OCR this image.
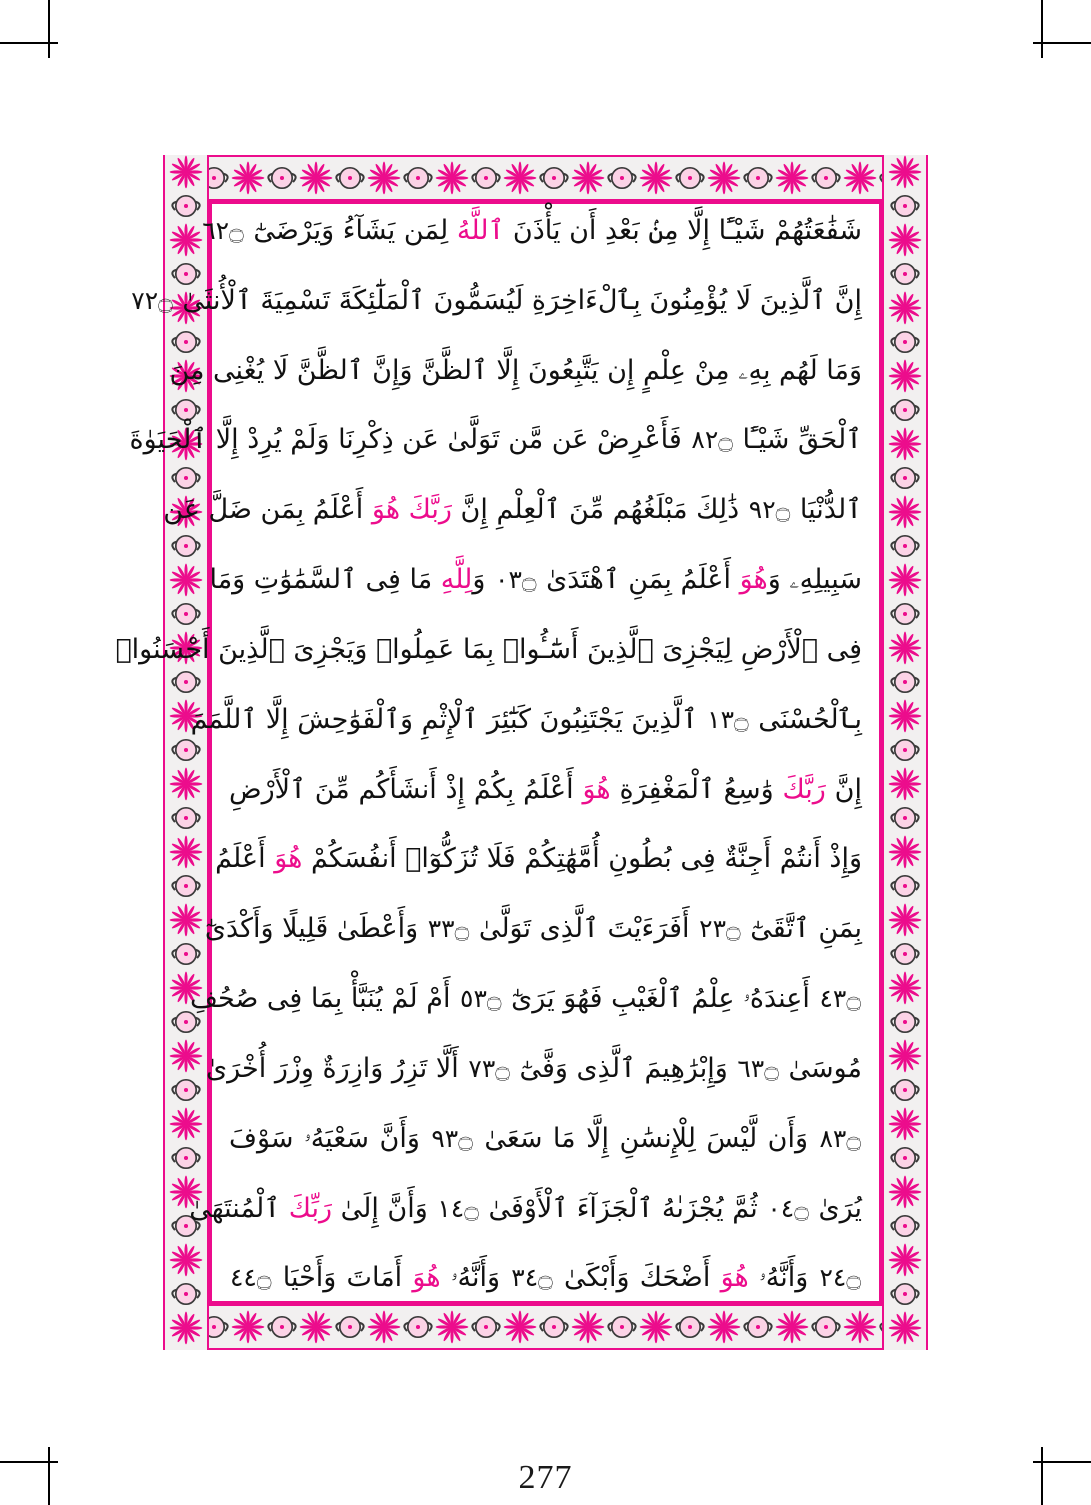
شَفَٰعَتُهُمْ شَيْـًٔا إِلَّا مِنۢ بَعْدِ أَن يَأْذَنَ ٱللَّهُ لِمَن يَشَآءُ وَيَرْضَىٰٓ ۝٢٦
إِنَّ ٱلَّذِينَ لَا يُؤْمِنُونَ بِٱلْءَاخِرَةِ لَيُسَمُّونَ ٱلْمَلَٰٓئِكَةَ تَسْمِيَةَ ٱلْأُنثَىٰ ۝٢٧
وَمَا لَهُم بِهِۦ مِنْ عِلْمٍ إِن يَتَّبِعُونَ إِلَّا ٱلظَّنَّ وَإِنَّ ٱلظَّنَّ لَا يُغْنِى مِنَ
ٱلْحَقِّ شَيْـًٔا ۝٢٨ فَأَعْرِضْ عَن مَّن تَوَلَّىٰ عَن ذِكْرِنَا وَلَمْ يُرِدْ إِلَّا ٱلْحَيَوٰةَ
ٱلدُّنْيَا ۝٢٩ ذَٰلِكَ مَبْلَغُهُم مِّنَ ٱلْعِلْمِ إِنَّ رَبَّكَ هُوَ أَعْلَمُ بِمَن ضَلَّ عَن
سَبِيلِهِۦ وَهُوَ أَعْلَمُ بِمَنِ ٱهْتَدَىٰ ۝٣٠ وَلِلَّهِ مَا فِى ٱلسَّمَٰوَٰتِ وَمَا
فِى ٱلْأَرْضِ لِيَجْزِىَ ٱلَّذِينَ أَسَٰٓـُٔوا۟ بِمَا عَمِلُوا۟ وَيَجْزِىَ ٱلَّذِينَ أَحْسَنُوا۟
بِٱلْحُسْنَى ۝٣١ ٱلَّذِينَ يَجْتَنِبُونَ كَبَٰٓئِرَ ٱلْإِثْمِ وَٱلْفَوَٰحِشَ إِلَّا ٱللَّمَمَ
إِنَّ رَبَّكَ وَٰسِعُ ٱلْمَغْفِرَةِ هُوَ أَعْلَمُ بِكُمْ إِذْ أَنشَأَكُم مِّنَ ٱلْأَرْضِ
وَإِذْ أَنتُمْ أَجِنَّةٌ فِى بُطُونِ أُمَّهَٰتِكُمْ فَلَا تُزَكُّوٓا۟ أَنفُسَكُمْ هُوَ أَعْلَمُ
بِمَنِ ٱتَّقَىٰٓ ۝٣٢ أَفَرَءَيْتَ ٱلَّذِى تَوَلَّىٰ ۝٣٣ وَأَعْطَىٰ قَلِيلًا وَأَكْدَىٰٓ
۝٣٤ أَعِندَهُۥ عِلْمُ ٱلْغَيْبِ فَهُوَ يَرَىٰٓ ۝٣٥ أَمْ لَمْ يُنَبَّأْ بِمَا فِى صُحُفِ
مُوسَىٰ ۝٣٦ وَإِبْرَٰهِيمَ ٱلَّذِى وَفَّىٰٓ ۝٣٧ أَلَّا تَزِرُ وَازِرَةٌ وِزْرَ أُخْرَىٰ
۝٣٨ وَأَن لَّيْسَ لِلْإِنسَٰنِ إِلَّا مَا سَعَىٰ ۝٣٩ وَأَنَّ سَعْيَهُۥ سَوْفَ
يُرَىٰ ۝٤٠ ثُمَّ يُجْزَىٰهُ ٱلْجَزَآءَ ٱلْأَوْفَىٰ ۝٤١ وَأَنَّ إِلَىٰ رَبِّكَ ٱلْمُنتَهَىٰ
۝٤٢ وَأَنَّهُۥ هُوَ أَضْحَكَ وَأَبْكَىٰ ۝٤٣ وَأَنَّهُۥ هُوَ أَمَاتَ وَأَحْيَا ۝٤٤
277
